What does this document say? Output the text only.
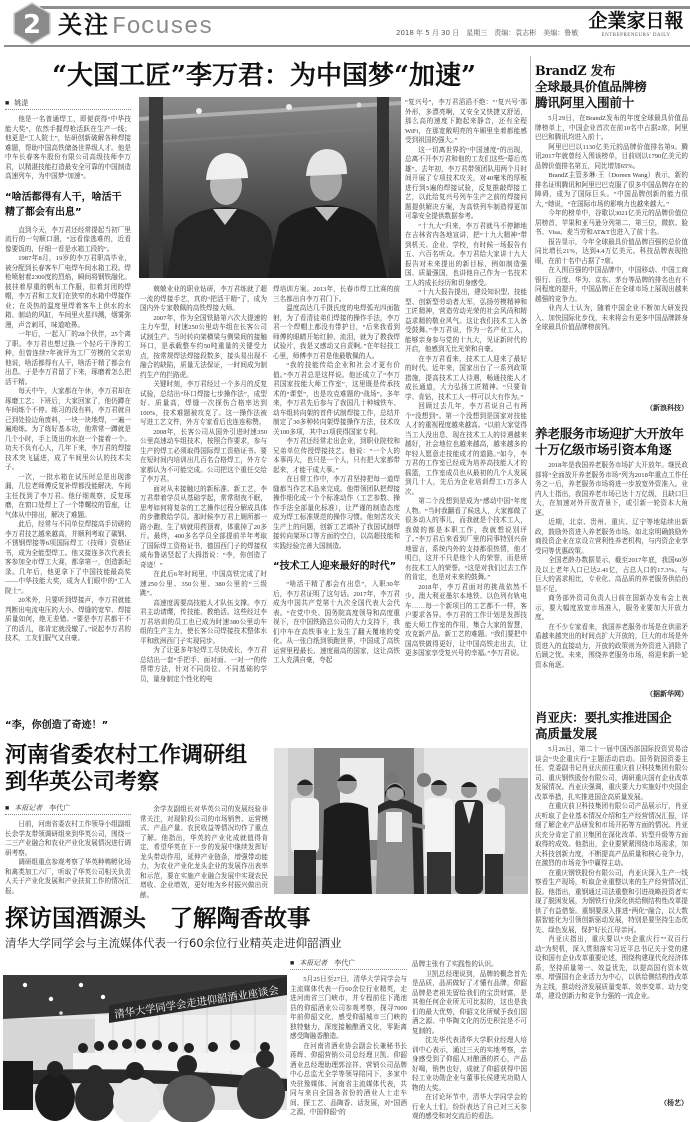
2 关注 Focuses	2018 年 5 月 30 日　星期三　责编：袁志彬　美编：鲁敏
企業家日報
ENTREPRENEURS' DAILY
“大国工匠”李万君：为中国梦“加速”
■ 姚湜

他是一名普通焊工，即便获得“中华技能大奖”，依然手握焊枪活跃在生产一线；他更是“工人院士”，钻研创新破解各种焊接难题，帮助中国高铁储备世界级人才。他是中车长春客车股份有限公司高级技师李万君，以精湛技能打造最安全可靠的中国制造高速列车，为中国梦“加速”。

“啥活都得有人干，啥活干精了都会有出息”

直到今天，李万君还经常提起当初厂里流行的一句顺口溜，“远看像逃难的，近看像要饭的，仔细一看是水箱工段的”。

1987年8月，19岁的李万君职高毕业，被分配到长春客车厂电焊车间水箱工段。焊枪喷射着2300度的烈焰，瞬间将钢铁融化。披挂着厚重的帆布工作服，扣着封闭的焊帽，李万君和工友们在狭窄的水箱中焊接作业；在炎热的温度里焊着客车上供水的水箱、制动的风缸，车间里火星四溅，烟雾弥漫，声音刺耳，味道呛鼻。

一年后，一起入厂的28个伙伴，25个离了职。李万君也想过换一个轻巧干净的工种，但曾连续7年被评为工厂劳模的父亲劝他说，啥活都得有人干，啥活干精了都会有出息。于是李万君留了下来，琢磨着怎么把活干精。

每天中午，大家都在午休，李万君却在琢磨工艺；下班后，大家回家了，他仍蹲在车间练个不停。练习的没有料，李万君就自己到处捡边角废料，一块一块地焊，一遍一遍地练。为了练好基本功，他常常一蹲就是几个小时，手上烫出的水泡一个接着一个。功夫不负有心人，几年下来，李万君的焊接技术突飞猛进，成了车间里公认的技术尖子。

一次，一批水箱在试压时总是出现渗漏，几位老师傅反复补焊都没能解决，车间主任找到了李万君。他仔细观察，反复琢磨，在窗口处焊上了一个带螺纹的管座，让气体从中排出，解决了难题。

此后，经常与不同单位焊接高手切磋的李万君技艺越来越高，并顺利考取了碳钢、不锈钢焊接等6项国际焊工（技师）资格证书，成为全能型焊工。他又接连多次代表长客参加全市焊工大赛，都拿第一，创造新纪录。几年后，他更拿下了中国技能最高奖——中华技能大奖，成为人们眼中的“工人院士”。

20米外，只要听到焊接声，李万君就能判断出电流电压的大小、焊缝的宽窄、焊接质量如何，绝无差错。“要是李万君都干不了的活儿，那肯定就没辙了。”说起李万君的技术，工友们服气又自豪。

“李，你创造了奇迹！”

兢兢业业的职业钻研，李万君练就了超一流的焊接手艺，真的“把活干精”了，成为国内外专家敬佩的高铁焊接大师。

2007年，作为全国铁路第六次大提速的主力车型，时速250公里动车组在长客公司试制生产。当时转向架横梁与侧梁间的接触环口，是承载整车约50吨重量的关键受力点，按常规焊法焊接段数多，接头易出现不融合的缺陷，质量无法保证，一时间成为制约生产的拦路虎。

关键时刻，李万君经过一个多月的反复试验，总结出“环口焊接七步操作法”，成型好、质量高，焊缝一次探伤合格率达到100%，技术难题被攻克了。这一操作法被写进工艺文件，外方专家看后也连连称赞。

2008年，长客公司从国外引进时速350公里高速动车组技术，按照合作要求，参与生产的焊工必须取得国际焊工资格证书。要在短时间内培训出几百名合格焊工，外方专家都认为不可能完成。公司把这个重任交给了李万君。

面对从未接触过的新标准、新工艺，李万君带着学员从基础学起，常常彻夜不眠，思考如何将复杂的工艺操作过程分解成具体的步骤教给学员。那时候李万君上厕所都一路小跑，生了病就用药顶着，体重掉了20多斤。最终，400多名学员全部提前半年考取了国际焊工资格证书，德国西门子的焊接权威布鲁诺竖起了大拇指说：“李，你创造了奇迹！”

在此后6年时间里，中国高铁完成了时速250公里、350公里、380公里的“三级跳”。

高速度需要高技能人才队伍支撑。李万君主动请缨，传技能、教绝活。这些经过李万君培训的员工也已成为时速380公里动车组的生产主力，使长客公司焊接技术整体水平和欧洲西门子实现同步。

为了让更多年轻焊工尽快成长，李万君总结出一套“手把手、面对面、一对一”的传帮带方法，针对不同岗位、不同基础的学员，量身制定个性化的电

焊培训方案。2013年，长春市焊工比赛的前三名都出自李万君门下。

温度高达几千摄氏度的电焊弧光四面散射，为了看清徒弟们焊接的操作手法，李万君一个焊帽上都没有带护目，“后来我看到师傅的眼睛开始红肿、流泪，就为了教我焊试验片，我是又感动又自责啊。”在年轻技工心里，师傅李万君是他最敬佩的人。

“我的技能传给企业和社会才更有价值。”李万君总是这样说。他还成立了“李万君国家技能大师工作室”，这里既是传承技术的“课堂”，也是攻克难题的“战场”。多年来，李万君先后参与了我国几十种城铁车、动车组转向架的首件试制焊接工作，总结并制定了30多种转向架焊接操作方法，技术攻关100多项，其中21项获得国家专利。

李万君还经常走出企业，到职业院校和兄弟单位传授焊接技艺。他说：“一个人的本事再大，也只是一个人，只有把大家都带起来，才能干成大事。”

在日常工作中，李万君坚持把每一道焊缝都当作艺术品来完成。他带领团队把焊接操作细化成一个个标准动作（工艺参数、操作手法全部量化标准），让严谨的制造态度成为焊工标准规范的操作习惯。他刻苦攻关生产上的问题，创新工艺填补了我国试制焊接转向架环口等方面的空白，以高超技能和实践经验完善大国制造。

“技术工人迎来最好的时代”

“啥活干精了都会有出息”，入职30年后，李万君证明了这句话。2017年，李万君成为中国共产党第十九次全国代表大会代表。“在党中央、国务院高度领导和高度重视下，在中国铁路总公司的大力支持下，我们中车在高铁事业上发生了翻天覆地的变化。从一张白纸到领跑世界，中国成了高铁运营里程最长、速度最高的国家，这让高铁工人充满自豪，夸起

“复兴号”，李万君滔滔不绝：“‘复兴号’那外形，多漂亮啊，又安全又快捷又舒适，那么高的速度下跑起来静音，还有全程WiFi，在那宽敞明亮的车厢里坐着都能感受到祖国的强大。”

这一切离世界的“中国速度”的出现，总离不开李万君和他的工友们这些“幕后英雄”。去年初，李万君带领团队用两个月时间开展了专项技术攻关，对40毫米的厚板进行到5遍的焊接试验，反复推敲焊接工艺，以此给复兴号列车生产之前的焊接问题提供解决方案，为高铁列车制造得更加可靠安全提供数据参考。

“十九大”归来，李万君就马不停蹄地在吉林省内各地宣讲，把“十九大精神”带到机关、企业、学校，有时候一场报告有五、六百名听众。李万君给大家讲十九大报告对未来提出的新目标，例如制造强国、质量强国，也讲他自己作为一名技术工人的成长经历和切身感受。

“十九大报告提出，建设知识型、技能型、创新型劳动者大军，弘扬劳模精神和工匠精神，营造劳动光荣的社会风尚和精益求精的敬业风气。这让我们技术工人备受鼓舞。”李万君说，作为一名产业工人，能够亲身参与党的十九大，见证新时代的开启，他感到无比光荣和自豪。

在李万君看来，技术工人迎来了最好的时代。近年来，国家出台了一系列政策措施，提高技术工人待遇，畅通技能人才成长通道，大力弘扬工匠精神。“只要肯学、肯钻，技术工人一样可以大有作为。”

回顾过去几年，李万君说自己有两个“没想到”。第一个没想到是国家对技能人才的重视程度越来越高。“以前大家觉得当工人没出息，现在技术工人的待遇越来越好，社会地位也越来越高，越来越多的年轻人愿意走技能成才的道路。”如今，李万君的工作室已经成为培养高技能人才的摇篮，工作室成员也从最初的几个人发展到几十人，先后为企业培训焊工1万多人次。

第二个没想到是成为“感动中国”年度人物。“当时我翻看了候选人，大家都做了很多动人的事儿，而我就是个技术工人，我做的都是本职工作，我就想说别评了。”李万君后来看到厂里的同事特别兴奋地留言，系统内外的支持都很热情，他才明白，这并不只是他个人的荣誉，而是所有技术工人的荣誉。“这是对我们过去工作的肯定，也是对未来的鼓舞。”

2018年，李万君面对的挑战依然不少。澳大利亚墨尔本地铁、以色列有轨电车……每一个新项目的工艺都不一样，客户要求各异。李万君的工作计划是发挥技能大师工作室的作用，集合大家的智慧，攻克新产品、新工艺的难题。“我们要把中国高铁做得更好，让中国高铁走出去，让更多国家享受复兴号的幸福。”李万君说。

河南省委农村工作调研组
到华英公司考察
■ 本报记者 李代广

日前，河南省委农村工作领导小组副组长余学友带领调研组来到华英公司，围绕一二三产业融合和农业产业化发展情况进行调研考察。

调研组重点参观考察了华英种鸭孵化场和禽类加工六厂，听取了华英公司相关负责人关于产业化发展和产业扶贫工作的情况汇报。

余学友副组长对华英公司的发展经验非常关注，对现阶段公司的市场销售、运营模式、产品产量、农民收益等情况均作了重点了解。他指出，华英的产业化成就值得肯定，希望华英在下一步的发展中继续发挥好龙头带动作用，延伸产业链条，增强带动能力，为农业产业化龙头企业的发展作出表率和示范，要在实施产业融合发展中实现农民增收、企业增效，更好地为乡村振兴做出贡献。

探访国酒源头　了解陶香故事
清华大学同学会与主流媒体代表一行60余位行业精英走进仰韶酒业
清华大学同学会走进仰韶酒业座谈会
■ 本报记者 李代广

5月25日至27日，清华大学同学会与主流媒体代表一行60余位行业精英，走进河南省三门峡市，并专程前往下渑池县的仰韶酒业公司参观考察，探寻7000年前仰韶文化，感受仰韶城市三门峡的独特魅力，深度接触酿酒文化，零距离感受陶融香酿造。

在河南省酒业协会副会长兼秘书长蒋辉、仰韶营销公司总经理卫凯、仰韶酒业总经理助理郭淙祥、营销公司品牌中心总监尤全学等领导陪同下，多家中央驻豫媒体、河南省主流媒体代表，共同与来自全国各省份的酒业人士走车间、探工艺、品陶香、话发展，对“国酒之源，中国仰韶”的

品牌主张有了实践性的认识。

卫凯总经理说到，品牌的概念首先是品质，品质做好了才懂有品牌，仰韶品牌是老祖先留给我们的宝贵财富，是其他任何企业所无可比拟的，这也是我们的最大优势，仰韶文化所赋予我们国酒之源、中华陶文化的历史积淀是不可复制的。

沈先华代表清华大学职业经理人培训中心表示，通过三天的实地考察，亲身感受到了仰韶人对酿酒的匠心，产品好喝，销售也好，成就了仰韶获得中国轻工业功勋企业与董事长侯建光功勋人物的大奖。

在讨论环节中，清华大学同学会的行业人士们，纷纷表达了自己对三天参观的感受和对交流后的看法。

BrandZ 发布
全球最具价值品牌榜
腾讯阿里入围前十

5月29日，在BrandZ发布的年度全球最具价值品牌榜单上，中国企业首次在前10名中占据2席，阿里巴巴和腾讯均进入前十。

阿里巴巴以1130亿美元的品牌价值排名第9。腾讯2017年就曾经入围该榜单，目前则以1790亿美元的品牌价值排名第五，同比增加65%。

BrandZ主管多琳·王（Doreen Wang）表示，新的排名证明腾讯和阿里巴巴克服了很多中国品牌存在的障碍，成为了国际巨头。“中国品牌创新的能力很大，”她说，“在国际市场的影响力也越来越大。”

今年的榜单中，谷歌以3021亿美元的品牌价值位居榜首，苹果和亚马逊分列第二、第三位，微软、脸书、Visa、麦当劳和AT&T也进入了前十名。

报告显示，今年全球最具价值品牌百强的总价值同比增长21%，达到4.4万亿美元。科技品牌表现抢眼，在前十名中占据了7席。

在入围百强的中国品牌中，中国移动、中国工商银行、百度、华为、京东、茅台等品牌的排名也有不同程度的提升，中国品牌正在全球市场上展现出越来越强的竞争力。

业内人士认为，随着中国企业不断加大研发投入、加快国际化步伐，未来将会有更多中国品牌跻身全球最具价值品牌榜前列。

（新浪科技）
养老服务市场迎扩大开放年
十万亿级市场引资本角逐

2018年是我国养老服务市场扩大开放年。继民政部将“全面放开养老服务市场”列为2018年重点工作任务之一后，养老服务市场将进一步放宽外资准入。业内人士指出，我国养老市场已达十万亿级，且缺口巨大，在加速对外开放背景下，或引新一轮资本大角逐。

近期，北京、贵州、重庆、辽宁等地陆续出新政，鼓励外资进入养老服务市场。如北京明确鼓励外商投资企业在京设立营利性养老机构，与内资企业享受同等优惠政策。

全国老龄办数据显示，截至2017年底，我国60岁及以上老年人口已达2.41亿，占总人口的17.3%。与巨大的需求相比，专业化、高品质的养老服务供给仍显不足。

商务部外资司负责人日前在国新办发布会上表示，要大幅度放宽市场准入，服务业要加大开放力度。

在不少专家看来，我国养老服务市场是在供需矛盾越来越突出的时间点扩大开放的，巨大的市场是外资进入的直接动力，开放的政策则为外资进入消除了后顾之忧。未来，围绕养老服务市场，将迎来新一轮资本角逐。

（据新华网）
肖亚庆：要扎实推进国企
高质量发展

5月26日，第二十一届中国西部国际投资贸易洽谈会“央企重庆行”主题活动启动。国务院国资委主任、党委副书记肖亚庆前往重庆前卫科技集团有限公司、重庆钢铁股份有限公司，调研重庆国有企业改革发展情况。肖亚庆强调，重庆要大力实施好中央国企改革举措，扎实推进国企高质量发展。

在重庆前卫科技集团有限公司产品展示厅，肖亚庆听取了企业基本情况介绍和生产经营情况汇报，详细了解企业产品研发和市场开拓等方面的情况。肖亚庆充分肯定了前卫集团在深化改革、转型升级等方面取得的成效。他指出，企业要紧紧围绕市场需求，加大科技创新力度，不断提高产品质量和核心竞争力，在激烈的市场竞争中赢得主动。

在重庆钢铁股份有限公司，肖亚庆深入生产一线察看生产现场，听取企业重整以来的生产经营情况汇报。他指出，重钢通过司法重整和引进战略投资者实现了脱困发展，为钢铁行业深化供给侧结构性改革提供了有益借鉴。重钢要深入推进“两化”融合，以大数据智能化为引领创新驱动发展，特别是要坚持生态优先、绿色发展，保护好长江母亲河。

肖亚庆指出，重庆要以“央企重庆行”“双百行动”为契机，深入贯彻落实习近平总书记关于党的建设和国有企业改革重要论述，围绕构建现代化经济体系，坚持质量第一、效益优先，以提高国有资本效率、增强国有企业活力为中心，以供给侧结构性改革为主线，推动经济发展质量变革、效率变革、动力变革，建设创新力和竞争力强的一流企业。

（杨艺）
